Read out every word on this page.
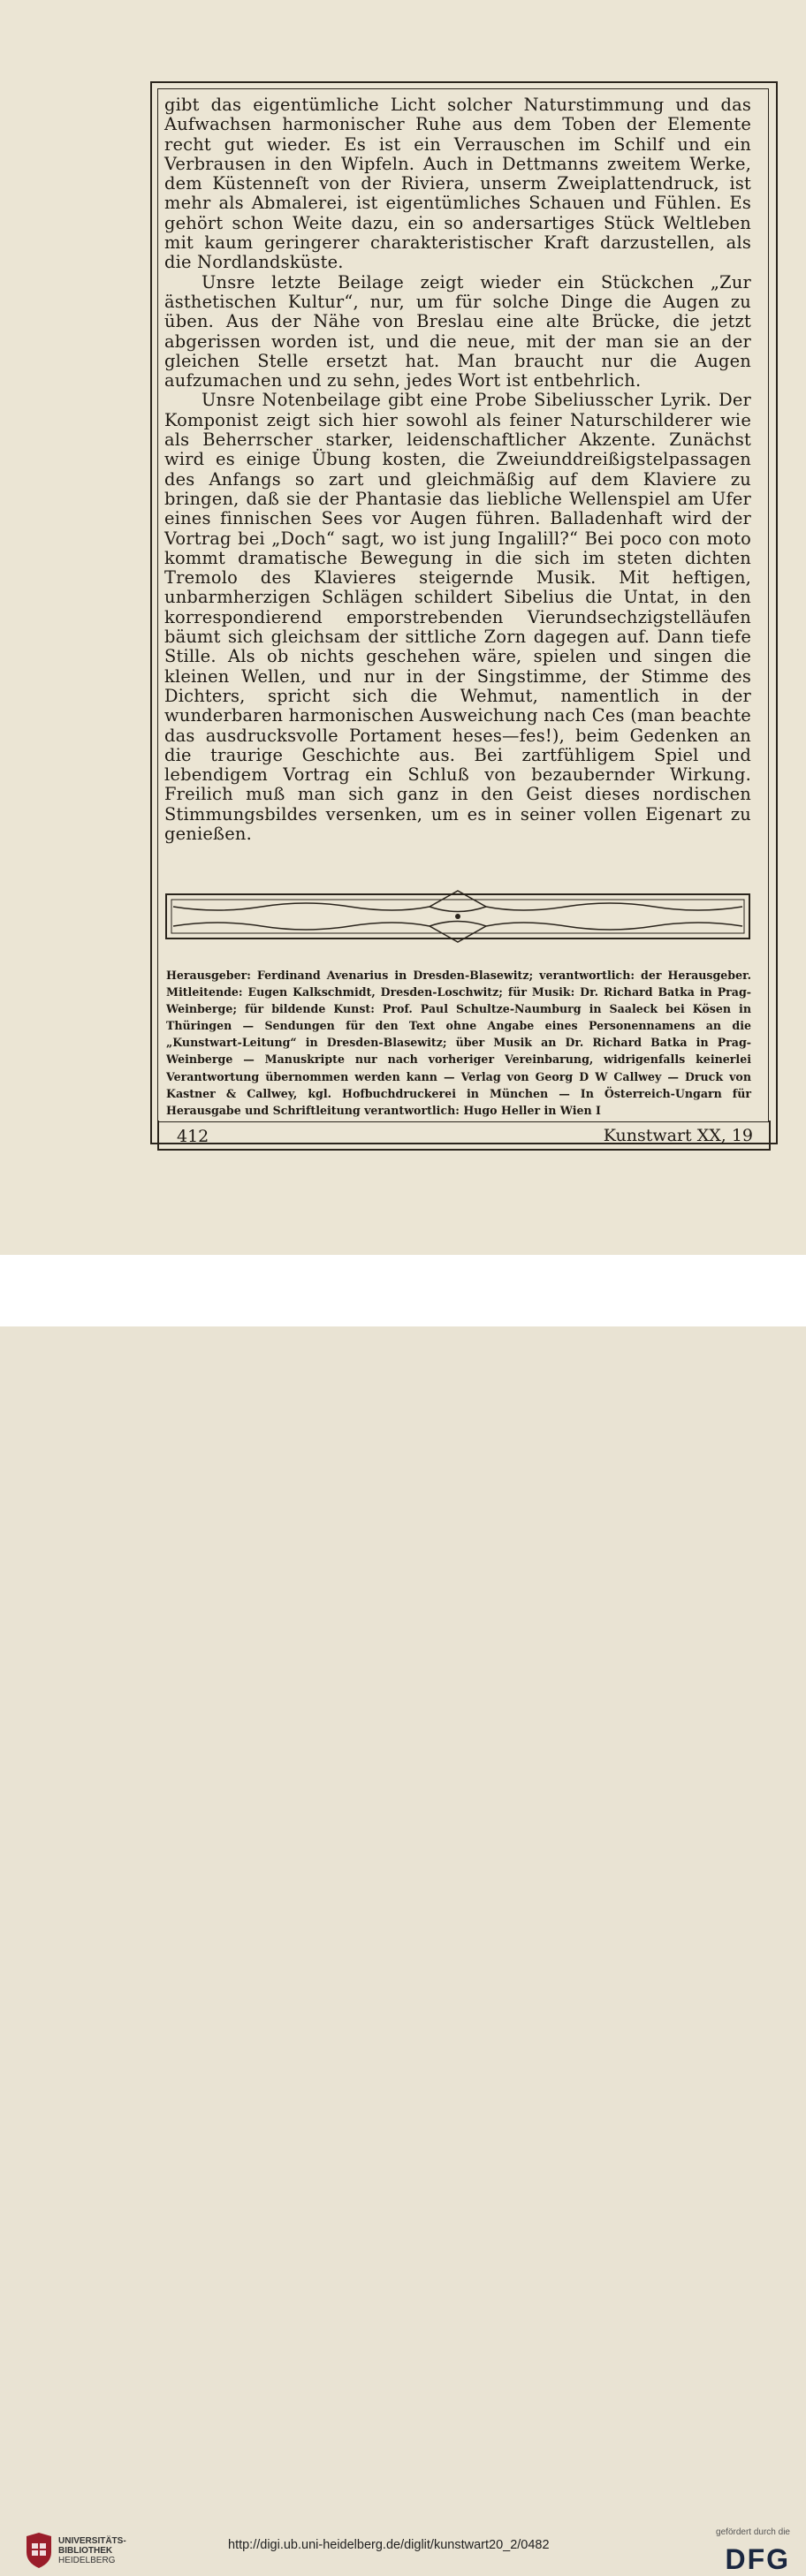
gibt das eigentümliche Licht solcher Naturstimmung und das Aufwachsen harmonischer Ruhe aus dem Toben der Elemente recht gut wieder. Es ist ein Verrauschen im Schilf und ein Verbrausen in den Wipfeln. Auch in Dettmanns zweitem Werke, dem Küstenneſt von der Riviera, unserm Zweiplattendruck, ist mehr als Abmalerei, ist eigentümliches Schauen und Fühlen. Es gehört schon Weite dazu, ein so andersartiges Stück Weltleben mit kaum geringerer charakteristischer Kraft darzustellen, als die Nordlandsküste.

Unsre letzte Beilage zeigt wieder ein Stückchen „Zur ästhetischen Kultur“, nur, um für solche Dinge die Augen zu üben. Aus der Nähe von Breslau eine alte Brücke, die jetzt abgerissen worden ist, und die neue, mit der man sie an der gleichen Stelle ersetzt hat. Man braucht nur die Augen aufzumachen und zu sehn, jedes Wort ist entbehrlich.

Unsre Notenbeilage gibt eine Probe Sibeliusscher Lyrik. Der Komponist zeigt sich hier sowohl als feiner Naturschilderer wie als Beherrscher starker, leidenschaftlicher Akzente. Zunächst wird es einige Übung kosten, die Zweiunddreißigstelpassagen des Anfangs so zart und gleichmäßig auf dem Klaviere zu bringen, daß sie der Phantasie das liebliche Wellenspiel am Ufer eines finnischen Sees vor Augen führen. Balladenhaft wird der Vortrag bei „Doch“ sagt, wo ist jung Ingalill?“ Bei poco con moto kommt dramatische Bewegung in die sich im steten dichten Tremolo des Klavieres steigernde Musik. Mit heftigen, unbarmherzigen Schlägen schildert Sibelius die Untat, in den korrespondierend emporstrebenden Vierundsechzigstelläufen bäumt sich gleichsam der sittliche Zorn dagegen auf. Dann tiefe Stille. Als ob nichts geschehen wäre, spielen und singen die kleinen Wellen, und nur in der Singstimme, der Stimme des Dichters, spricht sich die Wehmut, namentlich in der wunderbaren harmonischen Ausweichung nach Ces (man beachte das ausdrucksvolle Portament heses—fes!), beim Gedenken an die traurige Geschichte aus. Bei zartfühligem Spiel und lebendigem Vortrag ein Schluß von bezaubernder Wirkung. Freilich muß man sich ganz in den Geist dieses nordischen Stimmungsbildes versenken, um es in seiner vollen Eigenart zu genießen.

Herausgeber: Ferdinand Avenarius in Dresden-Blasewitz; verantwortlich: der Herausgeber. Mitleitende: Eugen Kalkschmidt, Dresden-Loschwitz; für Musik: Dr. Richard Batka in Prag-Weinberge; für bildende Kunst: Prof. Paul Schultze-Naumburg in Saaleck bei Kösen in Thüringen — Sendungen für den Text ohne Angabe eines Personennamens an die „Kunstwart-Leitung“ in Dresden-Blasewitz; über Musik an Dr. Richard Batka in Prag-Weinberge — Manuskripte nur nach vorheriger Vereinbarung, widrigenfalls keinerlei Verantwortung übernommen werden kann — Verlag von Georg D W Callwey — Druck von Kastner & Callwey, kgl. Hofbuchdruckerei in München — In Österreich-Ungarn für Herausgabe und Schriftleitung verantwortlich: Hugo Heller in Wien I
412	Kunstwart XX, 19
UNIVERSITÄTS-
BIBLIOTHEK
HEIDELBERG
http://digi.ub.uni-heidelberg.de/diglit/kunstwart20_2/0482
gefördert durch die
DFG
